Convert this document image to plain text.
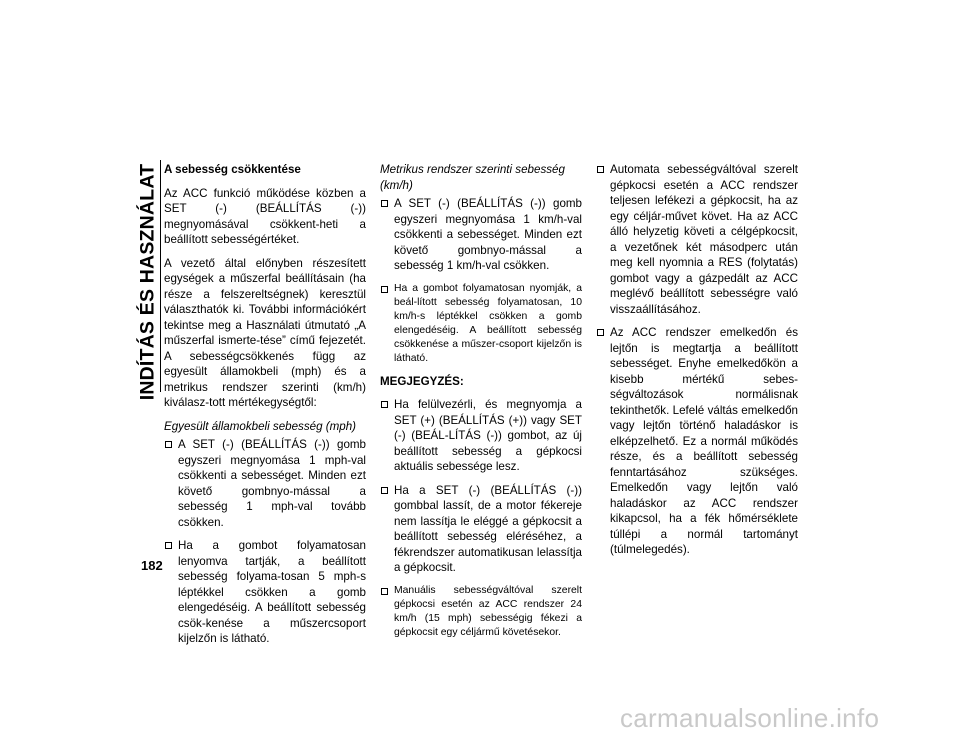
INDÍTÁS ÉS HASZNÁLAT A sebesség csökkentése

Az ACC funkció működése közben a SET (-) (BEÁLLÍTÁS (-)) megnyomásával csökkent-heti a beállított sebességértéket.

A vezető által előnyben részesített egységek a műszerfal beállításain (ha része a felszereltségnek) keresztül választhatók ki. További információkért tekintse meg a Használati útmutató „A műszerfal ismerte-tése” című fejezetét. A sebességcsökkenés függ az egyesült államokbeli (mph) és a metrikus rendszer szerinti (km/h) kiválasz-tott mértékegységtől:

Egyesült államokbeli sebesség (mph)
A SET (-) (BEÁLLÍTÁS (-)) gomb egyszeri megnyomása 1 mph-val csökkenti a sebességet. Minden ezt követő gombnyo-mással a sebesség 1 mph-val tovább csökken.
Ha a gombot folyamatosan lenyomva tartják, a beállított sebesség folyama-tosan 5 mph-s léptékkel csökken a gomb elengedéséig. A beállított sebesség csök-kenése a műszercsoport kijelzőn is látható.
Metrikus rendszer szerinti sebesség (km/h)
A SET (-) (BEÁLLÍTÁS (-)) gomb egyszeri megnyomása 1 km/h-val csökkenti a sebességet. Minden ezt követő gombnyo-mással a sebesség 1 km/h-val csökken.
Ha a gombot folyamatosan nyomják, a beál-lított sebesség folyamatosan, 10 km/h-s léptékkel csökken a gomb elengedéséig. A beállított sebesség csökkenése a műszer-csoport kijelzőn is látható.
MEGJEGYZÉS:
Ha felülvezérli, és megnyomja a SET (+) (BEÁLLÍTÁS (+)) vagy SET (-) (BEÁL-LÍTÁS (-)) gombot, az új beállított sebesség a gépkocsi aktuális sebessége lesz.
Ha a SET (-) (BEÁLLÍTÁS (-)) gombbal lassít, de a motor fékereje nem lassítja le eléggé a gépkocsit a beállított sebesség eléréséhez, a fékrendszer automatikusan lelassítja a gépkocsit.
Manuális sebességváltóval szerelt gépkocsi esetén az ACC rendszer 24 km/h (15 mph) sebességig fékezi a gépkocsit egy céljármű követésekor.
Automata sebességváltóval szerelt gépkocsi esetén a ACC rendszer teljesen lefékezi a gépkocsit, ha az egy céljár-művet követ. Ha az ACC álló helyzetig követi a célgépkocsit, a vezetőnek két másodperc után meg kell nyomnia a RES (folytatás) gombot vagy a gázpedált az ACC meglévő beállított sebességre való visszaállításához.
Az ACC rendszer emelkedőn és lejtőn is megtartja a beállított sebességet. Enyhe emelkedőkön a kisebb mértékű sebes-ségváltozások normálisnak tekinthetők. Lefelé váltás emelkedőn vagy lejtőn történő haladáskor is elképzelhető. Ez a normál működés része, és a beállított sebesség fenntartásához szükséges. Emelkedőn vagy lejtőn való haladáskor az ACC rendszer kikapcsol, ha a fék hőmérséklete túllépi a normál tartományt (túlmelegedés).
182
carmanualsonline.info
